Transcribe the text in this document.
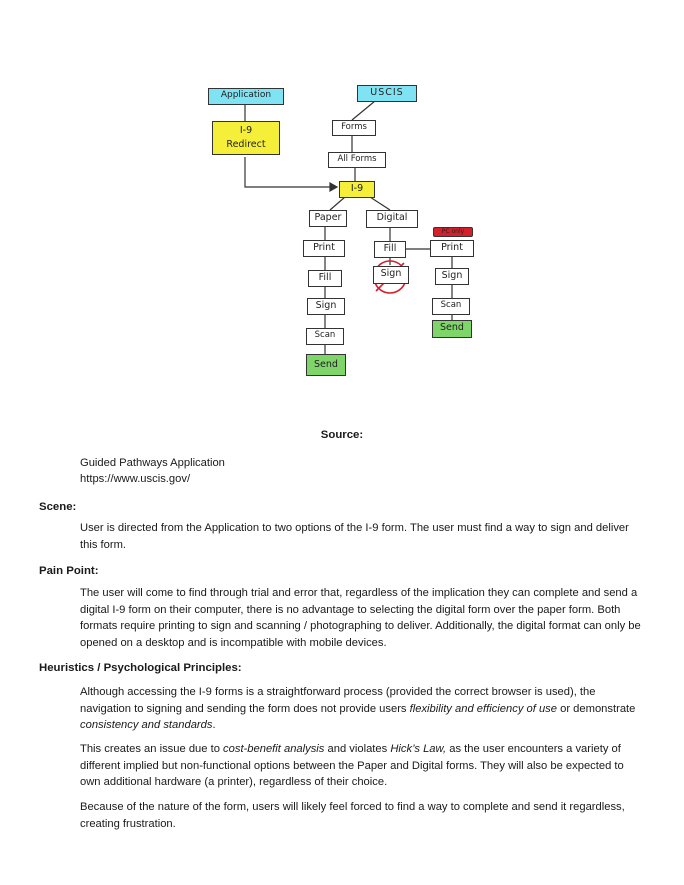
Application
I-9
Redirect
USCIS
Forms
All Forms
I-9
Paper	Digital
PC only
Print
Fill
Sign
Scan
Send
Fill
Sign
Print
Sign
Scan
Send
Source:
Guided Pathways Application
https://www.uscis.gov/
Scene:
User is directed from the Application to two options of the I-9 form. The user must find a way to sign and deliver this form.
Pain Point:
The user will come to find through trial and error that, regardless of the implication they can complete and send a digital I-9 form on their computer, there is no advantage to selecting the digital form over the paper form. Both formats require printing to sign and scanning / photographing to deliver. Additionally, the digital format can only be opened on a desktop and is incompatible with mobile devices.
Heuristics / Psychological Principles:
Although accessing the I-9 forms is a straightforward process (provided the correct browser is used), the navigation to signing and sending the form does not provide users flexibility and efficiency of use or demonstrate consistency and standards.
This creates an issue due to cost-benefit analysis and violates Hick’s Law, as the user encounters a variety of different implied but non-functional options between the Paper and Digital forms. They will also be expected to own additional hardware (a printer), regardless of their choice.
Because of the nature of the form, users will likely feel forced to find a way to complete and send it regardless, creating frustration.
